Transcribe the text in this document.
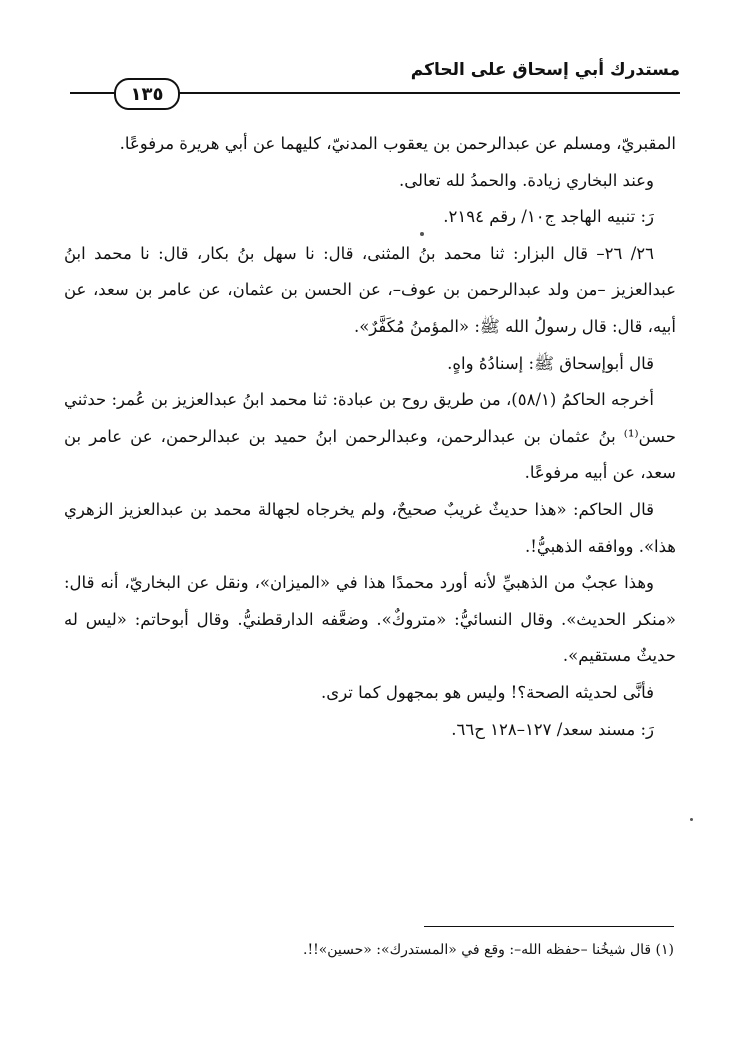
مستدرك أبي إسحاق على الحاكم
١٣٥

المقبريّ، ومسلم عن عبدالرحمن بن يعقوب المدنيّ، كليهما عن أبي هريرة مرفوعًا.

وعند البخاري زيادة. والحمدُ لله تعالى.

رَ: تنبيه الهاجد ج١٠/ رقم ٢١٩٤.

٢٦/ ٢٦– قال البزار: ثنا محمد بنُ المثنى، قال: نا سهل بنُ بكار، قال: نا محمد ابنُ عبدالعزيز –من ولد عبدالرحمن بن عوف–، عن الحسن بن عثمان، عن عامر بن سعد، عن أبيه، قال: قال رسولُ الله ﷺ: «المؤمنُ مُكَفَّرٌ».

قال أبوإسحاق ﷺ: إسنادُهُ واهٍ.

أخرجه الحاكمُ (٥٨/١)، من طريق روح بن عبادة: ثنا محمد ابنُ عبدالعزيز بن عُمر: حدثني حسن⁽¹⁾ بنُ عثمان بن عبدالرحمن، وعبدالرحمن ابنُ حميد بن عبدالرحمن، عن عامر بن سعد، عن أبيه مرفوعًا.

قال الحاكم: «هذا حديثٌ غريبٌ صحيحٌ، ولم يخرجاه لجهالة محمد بن عبدالعزيز الزهري هذا». ووافقه الذهبيُّ!.

وهذا عجبٌ من الذهبيِّ لأنه أورد محمدًا هذا في «الميزان»، ونقل عن البخاريّ، أنه قال: «منكر الحديث». وقال النسائيُّ: «متروكٌ». وضعَّفه الدارقطنيُّ. وقال أبوحاتم: «ليس له حديثٌ مستقيم».

فأنَّى لحديثه الصحة؟! وليس هو بمجهول كما ترى.

رَ: مسند سعد/ ١٢٧–١٢٨ ح٦٦.

(١) قال شيخُنا –حفظه الله–: وقع في «المستدرك»: «حسين»!!.
